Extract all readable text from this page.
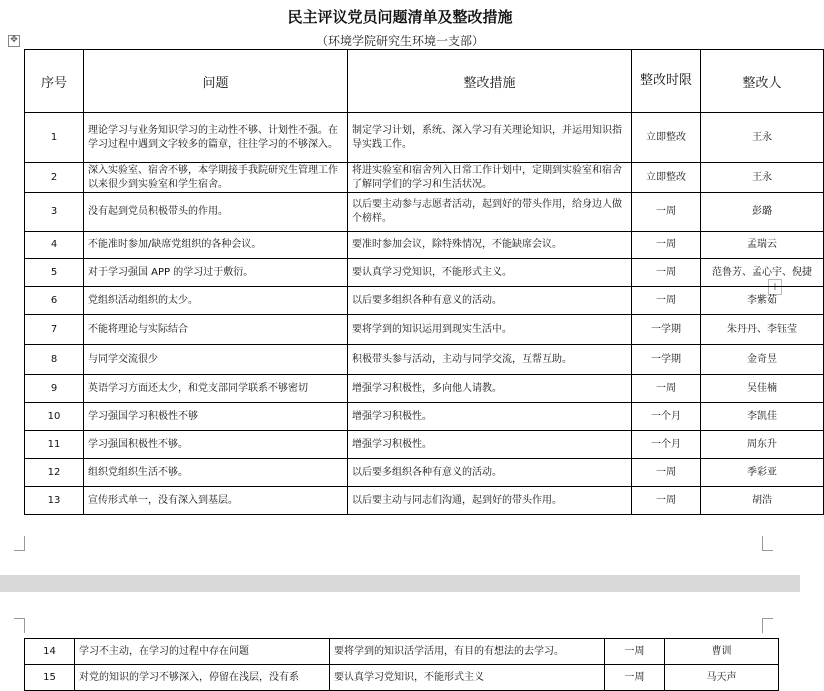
民主评议党员问题清单及整改措施
（环境学院研究生环境一支部）
✥
+
序号	问题	整改措施	整改时限	整改人
1	理论学习与业务知识学习的主动性不够、计划性不强。在学习过程中遇到文字较多的篇章，往往学习的不够深入。	制定学习计划，系统、深入学习有关理论知识，并运用知识指导实践工作。	立即整改	王永
2	深入实验室、宿舍不够，本学期接手我院研究生管理工作以来很少到实验室和学生宿舍。	将进实验室和宿舍列入日常工作计划中，定期到实验室和宿舍了解同学们的学习和生活状况。	立即整改	王永
3	没有起到党员积极带头的作用。	以后要主动参与志愿者活动，起到好的带头作用，给身边人做个榜样。	一周	彭璐
4	不能准时参加/缺席党组织的各种会议。	要准时参加会议，除特殊情况，不能缺席会议。	一周	孟瑞云
5	对于学习强国 APP 的学习过于敷衍。	要认真学习党知识，不能形式主义。	一周	范鲁芳、孟心宇、倪捷
6	党组织活动组织的太少。	以后要多组织各种有意义的活动。	一周	李紫茹
7	不能将理论与实际结合	要将学到的知识运用到现实生活中。	一学期	朱丹丹、李钰莹
8	与同学交流很少	积极带头参与活动，主动与同学交流，互帮互助。	一学期	金奇昱
9	英语学习方面还太少，和党支部同学联系不够密切	增强学习积极性，多向他人请教。	一周	吴佳楠
10	学习强国学习积极性不够	增强学习积极性。	一个月	李凯佳
11	学习强国积极性不够。	增强学习积极性。	一个月	周东升
12	组织党组织生活不够。	以后要多组织各种有意义的活动。	一周	季彩亚
13	宣传形式单一，没有深入到基层。	以后要主动与同志们沟通，起到好的带头作用。	一周	胡浩
14	学习不主动，在学习的过程中存在问题	要将学到的知识活学活用，有目的有想法的去学习。	一周	曹训
15	对党的知识的学习不够深入，停留在浅层，没有系	要认真学习党知识，不能形式主义	一周	马天声
